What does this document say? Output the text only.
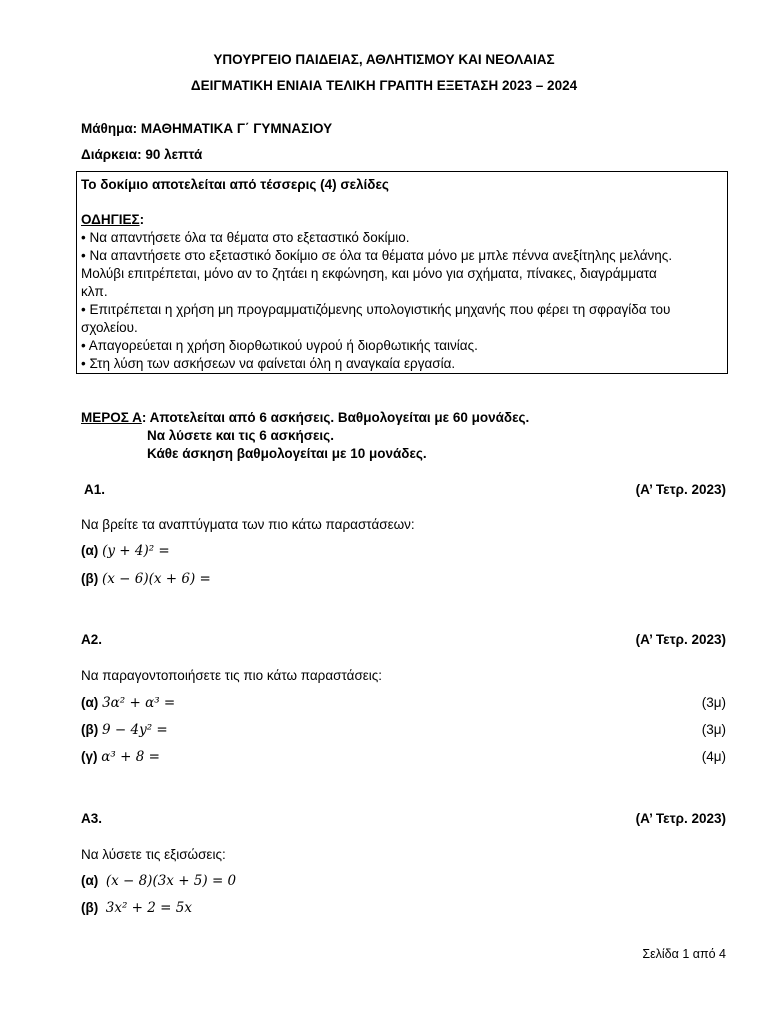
ΥΠΟΥΡΓΕΙΟ ΠΑΙΔΕΙΑΣ, ΑΘΛΗΤΙΣΜΟΥ ΚΑΙ ΝΕΟΛΑΙΑΣ
ΔΕΙΓΜΑΤΙΚΗ ΕΝΙΑΙΑ ΤΕΛΙΚΗ ΓΡΑΠΤΗ ΕΞΕΤΑΣΗ 2023 – 2024
Μάθημα: ΜΑΘΗΜΑΤΙΚΑ Γ΄ ΓΥΜΝΑΣΙΟΥ
Διάρκεια: 90 λεπτά
Το δοκίμιο αποτελείται από τέσσερις (4) σελίδες
ΟΔΗΓΙΕΣ:
• Να απαντήσετε όλα τα θέματα στο εξεταστικό δοκίμιο.
• Να απαντήσετε στο εξεταστικό δοκίμιο σε όλα τα θέματα μόνο με μπλε πέννα ανεξίτηλης μελάνης.
Μολύβι επιτρέπεται, μόνο αν το ζητάει η εκφώνηση, και μόνο για σχήματα, πίνακες, διαγράμματα
κλπ.
• Επιτρέπεται η χρήση μη προγραμματιζόμενης υπολογιστικής μηχανής που φέρει τη σφραγίδα του
σχολείου.
• Απαγορεύεται η χρήση διορθωτικού υγρού ή διορθωτικής ταινίας.
• Στη λύση των ασκήσεων να φαίνεται όλη η αναγκαία εργασία.
ΜΕΡΟΣ Α: Αποτελείται από 6 ασκήσεις. Βαθμολογείται με 60 μονάδες.
Να λύσετε και τις 6 ασκήσεις.
Κάθε άσκηση βαθμολογείται με 10 μονάδες.
A1.	(Α’ Τετρ. 2023)
Να βρείτε τα αναπτύγματα των πιο κάτω παραστάσεων:
(α) (y + 4)² =
(β) (x − 6)(x + 6) =
A2.	(Α’ Τετρ. 2023)
Να παραγοντοποιήσετε τις πιο κάτω παραστάσεις:
(α) 3α² + α³ =	(3μ)
(β) 9 − 4y² =	(3μ)
(γ) α³ + 8 =	(4μ)
A3.	(Α’ Τετρ. 2023)
Να λύσετε τις εξισώσεις:
(α) (x − 8)(3x + 5) = 0
(β) 3x² + 2 = 5x
Σελίδα 1 από 4
